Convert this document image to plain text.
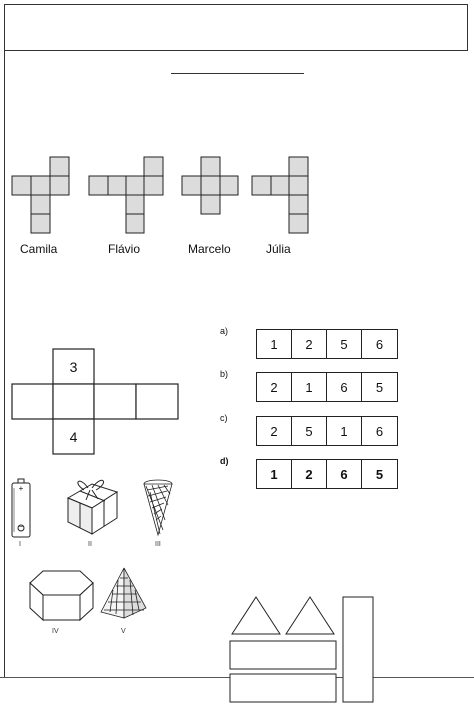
Camila	Flávio	Marcelo	Júlia
3
4
+
−
I	II	III
IV	V
a)
1	2	5	6
b)
2	1	6	5
c)
2	5	1	6
d)
1	2	6	5
